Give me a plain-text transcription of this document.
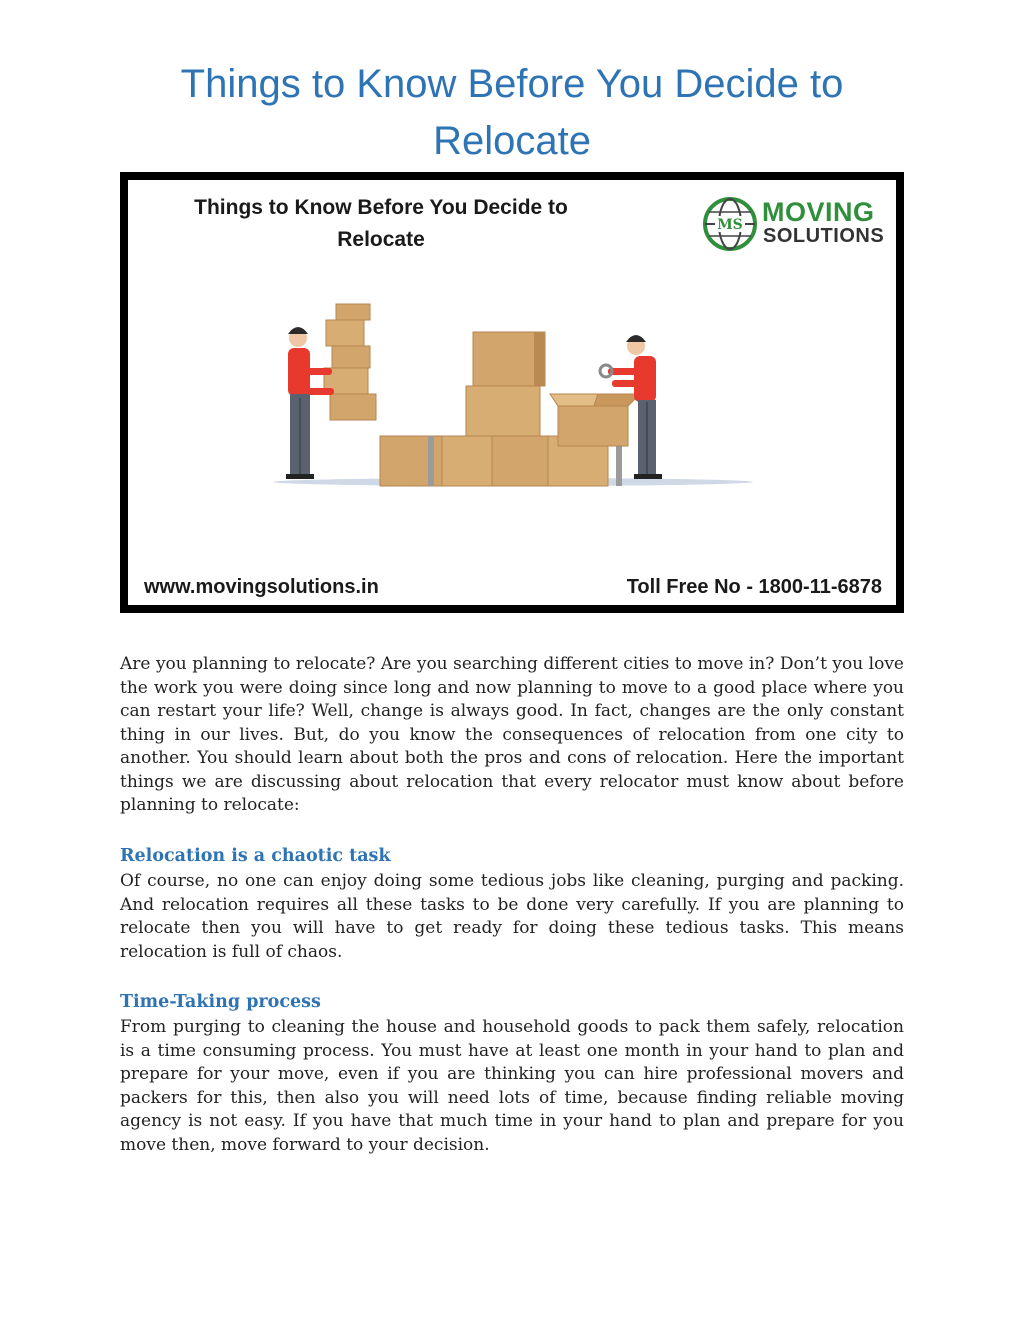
Things to Know Before You Decide to Relocate
Things to Know Before You Decide to
Relocate
MS MOVING
SOLUTIONS
www.movingsolutions.in	Toll Free No - 1800-11-6878

Are you planning to relocate? Are you searching different cities to move in? Don’t you love the work you were doing since long and now planning to move to a good place where you can restart your life? Well, change is always good. In fact, changes are the only constant thing in our lives. But, do you know the consequences of relocation from one city to another. You should learn about both the pros and cons of relocation. Here the important things we are discussing about relocation that every relocator must know about before planning to relocate:

Relocation is a chaotic task

Of course, no one can enjoy doing some tedious jobs like cleaning, purging and packing. And relocation requires all these tasks to be done very carefully. If you are planning to relocate then you will have to get ready for doing these tedious tasks. This means relocation is full of chaos.

Time-Taking process

From purging to cleaning the house and household goods to pack them safely, relocation is a time consuming process. You must have at least one month in your hand to plan and prepare for your move, even if you are thinking you can hire professional movers and packers for this, then also you will need lots of time, because finding reliable moving agency is not easy. If you have that much time in your hand to plan and prepare for you move then, move forward to your decision.
